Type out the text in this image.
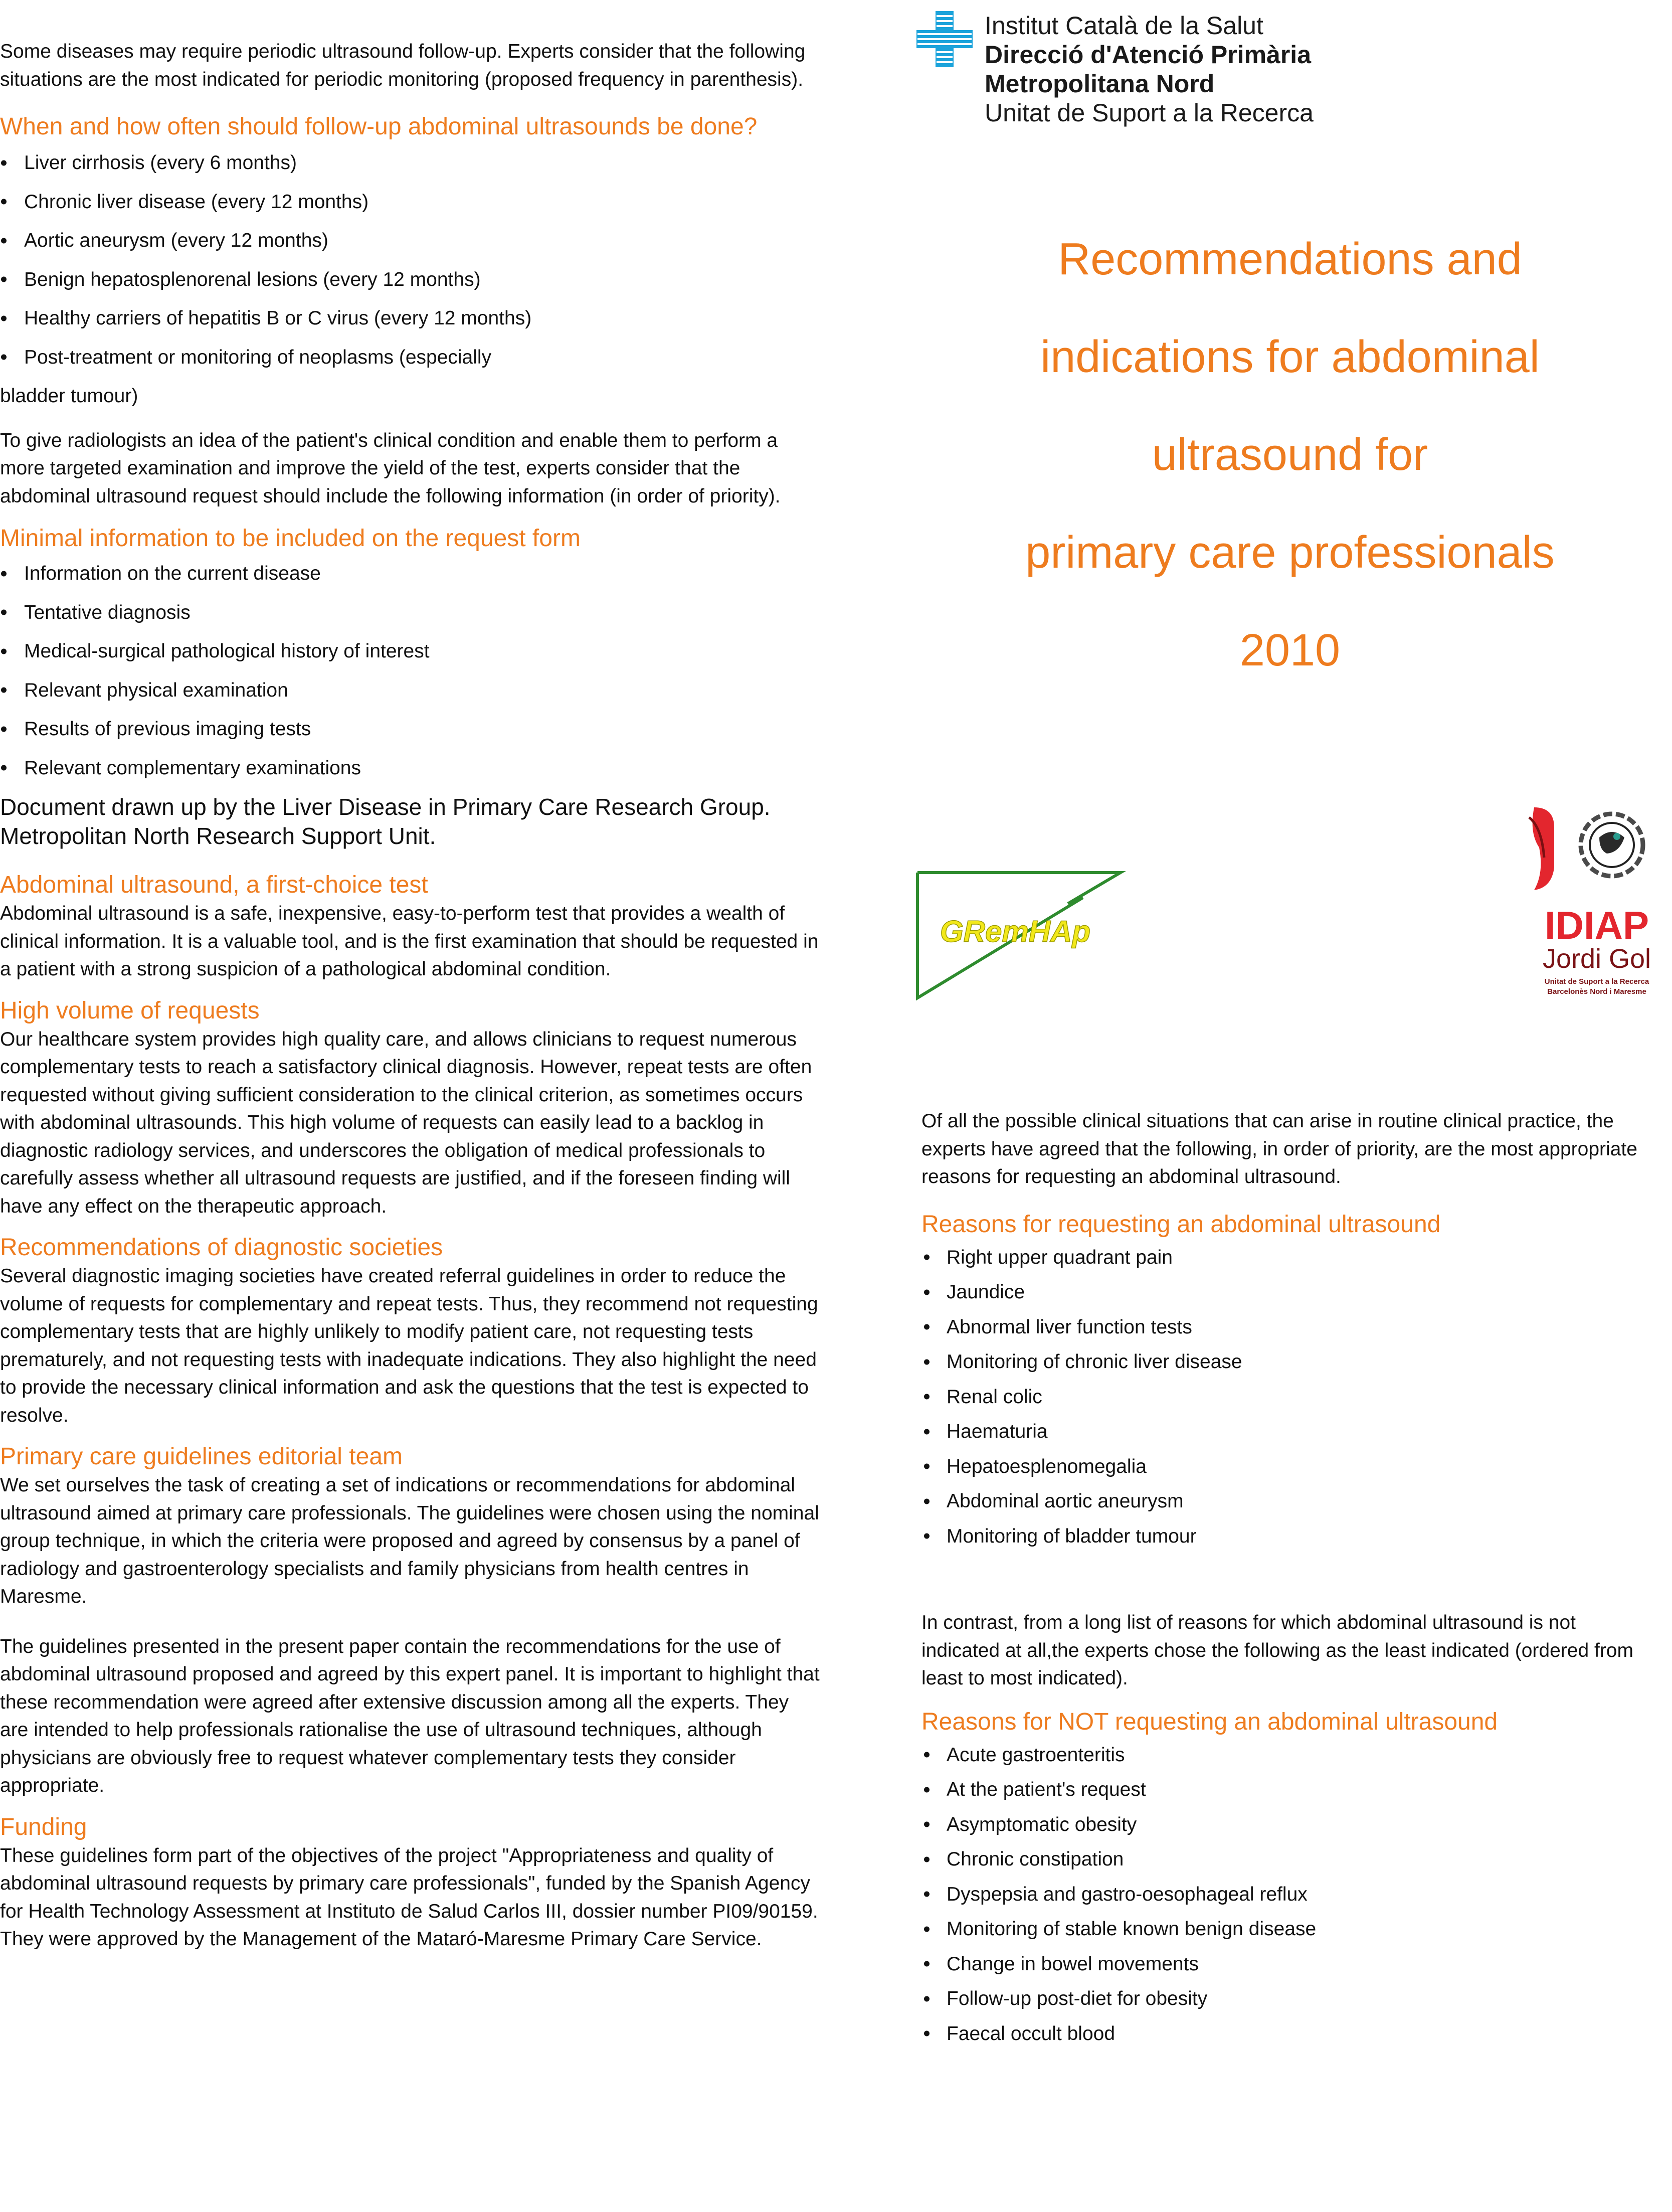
Some diseases may require periodic ultrasound follow-up. Experts consider that the following situations are the most indicated for periodic monitoring (proposed frequency in parenthesis).

When and how often should follow-up abdominal ultrasounds be done?
Liver cirrhosis (every 6 months)
Chronic liver disease (every 12 months)
Aortic aneurysm (every 12 months)
Benign hepatosplenorenal lesions (every 12 months)
Healthy carriers of hepatitis B or C virus (every 12 months)
Post-treatment or monitoring of neoplasms (especially

bladder tumour)

To give radiologists an idea of the patient's clinical condition and enable them to perform a more targeted examination and improve the yield of the test, experts consider that the abdominal ultrasound request should include the following information (in order of priority).

Minimal information to be included on the request form
Information on the current disease
Tentative diagnosis
Medical-surgical pathological history of interest
Relevant physical examination
Results of previous imaging tests
Relevant complementary examinations

Document drawn up by the Liver Disease in Primary Care Research Group. Metropolitan North Research Support Unit.

Abdominal ultrasound, a first-choice test

Abdominal ultrasound is a safe, inexpensive, easy-to-perform test that provides a wealth of clinical information. It is a valuable tool, and is the first examination that should be requested in a patient with a strong suspicion of a pathological abdominal condition.

High volume of requests

Our healthcare system provides high quality care, and allows clinicians to request numerous complementary tests to reach a satisfactory clinical diagnosis. However, repeat tests are often requested without giving sufficient consideration to the clinical criterion, as sometimes occurs with abdominal ultrasounds. This high volume of requests can easily lead to a backlog in diagnostic radiology services, and underscores the obligation of medical professionals to carefully assess whether all ultrasound requests are justified, and if the foreseen finding will have any effect on the therapeutic approach.

Recommendations of diagnostic societies

Several diagnostic imaging societies have created referral guidelines in order to reduce the volume of requests for complementary and repeat tests. Thus, they recommend not requesting complementary tests that are highly unlikely to modify patient care, not requesting tests prematurely, and not requesting tests with inadequate indications. They also highlight the need to provide the necessary clinical information and ask the questions that the test is expected to resolve.

Primary care guidelines editorial team

We set ourselves the task of creating a set of indications or recommendations for abdominal ultrasound aimed at primary care professionals. The guidelines were chosen using the nominal group technique, in which the criteria were proposed and agreed by consensus by a panel of radiology and gastroenterology specialists and family physicians from health centres in Maresme.

The guidelines presented in the present paper contain the recommendations for the use of abdominal ultrasound proposed and agreed by this expert panel. It is important to highlight that these recommendation were agreed after extensive discussion among all the experts. They are intended to help professionals rationalise the use of ultrasound techniques, although physicians are obviously free to request whatever complementary tests they consider appropriate.

Funding

These guidelines form part of the objectives of the project "Appropriateness and quality of abdominal ultrasound requests by primary care professionals", funded by the Spanish Agency for Health Technology Assessment at Instituto de Salud Carlos III, dossier number PI09/90159. They were approved by the Management of the Mataró-Maresme Primary Care Service.

Institut Català de la Salut
Direcció d'Atenció Primària
Metropolitana Nord
Unitat de Suport a la Recerca
Recommendations and
indications for abdominal
ultrasound for
primary care professionals
2010
GRemHAp	IDIAP
Jordi Gol
Unitat de Suport a la Recerca
Barcelonès Nord i Maresme

Of all the possible clinical situations that can arise in routine clinical practice, the experts have agreed that the following, in order of priority, are the most appropriate reasons for requesting an abdominal ultrasound.

Reasons for requesting an abdominal ultrasound
Right upper quadrant pain
Jaundice
Abnormal liver function tests
Monitoring of chronic liver disease
Renal colic
Haematuria
Hepatoesplenomegalia
Abdominal aortic aneurysm
Monitoring of bladder tumour

In contrast, from a long list of reasons for which abdominal ultrasound is not indicated at all,the experts chose the following as the least indicated (ordered from least to most indicated).

Reasons for NOT requesting an abdominal ultrasound
Acute gastroenteritis
At the patient's request
Asymptomatic obesity
Chronic constipation
Dyspepsia and gastro-oesophageal reflux
Monitoring of stable known benign disease
Change in bowel movements
Follow-up post-diet for obesity
Faecal occult blood
